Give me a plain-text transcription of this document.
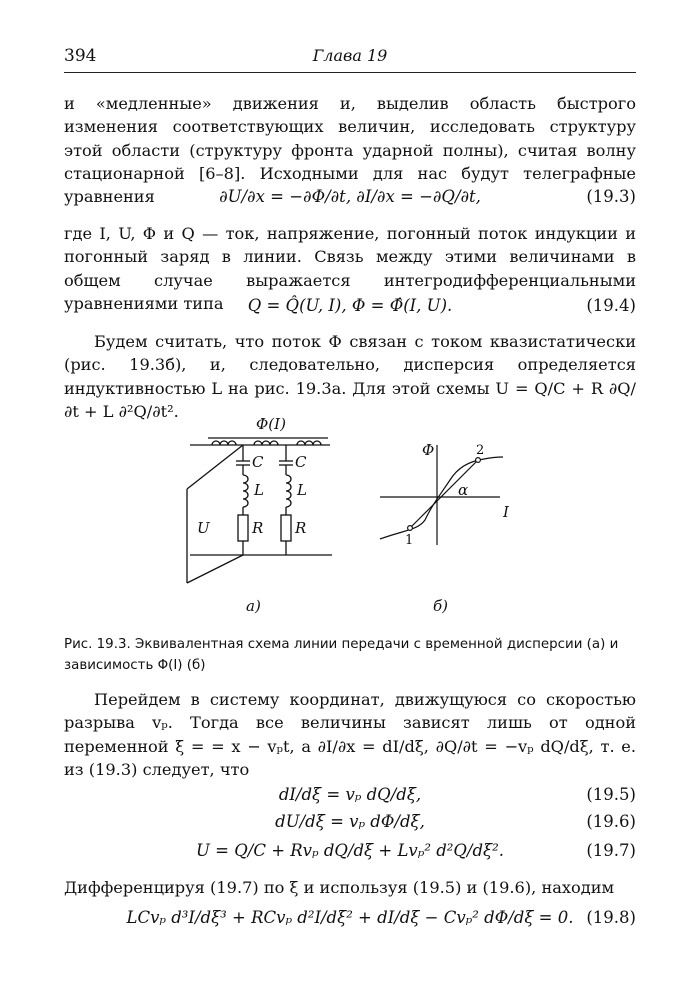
394	Глава 19
и «медленные» движения и, выделив область быстрого изменения соответствующих величин, исследовать структуру этой области (структуру фронта ударной полны), считая волну стационарной [6–8]. Исходными для нас будут телеграфные уравнения	∂U/∂x = −∂Φ/∂t, ∂I/∂x = −∂Q/∂t,	(19.3)
где I, U, Φ и Q — ток, напряжение, погонный поток индукции и погонный заряд в линии. Связь между этими величинами в общем случае выражается интегродифференциальными уравнениями типа	Q = Q̂(U, I), Φ = Φ̂(I, U).	(19.4)
Будем считать, что поток Φ связан с током квазистатически (рис. 19.3б), и, следовательно, дисперсия определяется индуктивностью L на рис. 19.3а. Для этой схемы U = Q/C + R ∂Q/∂t + L ∂²Q/∂t².
Φ(I)
C C
L L
R R
U
а)
Φ
I
α
1
2
б)
Рис. 19.3. Эквивалентная схема линии передачи с временной дисперсии (а) и зависимость Φ(I) (б)
Перейдем в систему координат, движущуюся со скоростью разрыва vₚ. Тогда все величины зависят лишь от одной переменной ξ = = x − vₚt, а ∂I/∂x = dI/dξ, ∂Q/∂t = −vₚ dQ/dξ, т. е. из (19.3) следует, что
dI/dξ = vₚ dQ/dξ,	(19.5)
dU/dξ = vₚ dΦ/dξ,	(19.6)
U = Q/C + Rvₚ dQ/dξ + Lvₚ² d²Q/dξ².	(19.7)
Дифференцируя (19.7) по ξ и используя (19.5) и (19.6), находим
LCvₚ d³I/dξ³ + RCvₚ d²I/dξ² + dI/dξ − Cvₚ² dΦ/dξ = 0. (19.8)
